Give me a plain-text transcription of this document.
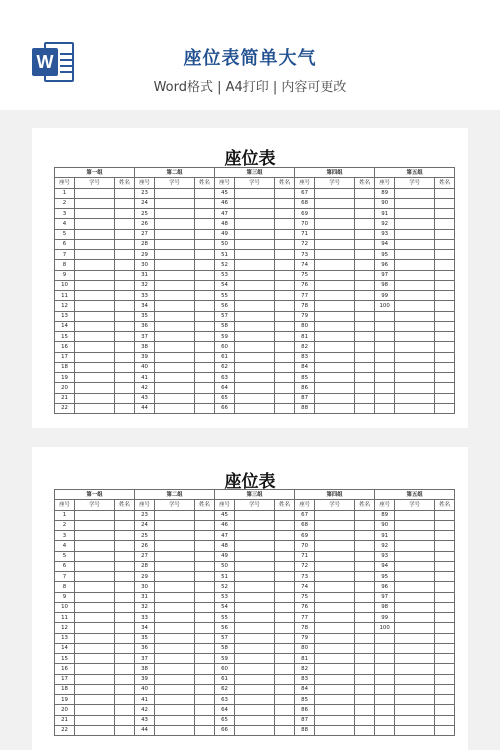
W	座位表简单大气
Word格式 | A4打印 | 内容可更改
座位表
第一组			第二组			第三组			第四组			第五组		
座号	学号	姓名	座号	学号	姓名	座号	学号	姓名	座号	学号	姓名	座号	学号	姓名
1			23			45			67			89		
2			24			46			68			90		
3			25			47			69			91		
4			26			48			70			92		
5			27			49			71			93		
6			28			50			72			94		
7			29			51			73			95		
8			30			52			74			96		
9			31			53			75			97		
10			32			54			76			98		
11			33			55			77			99		
12			34			56			78			100		
13			35			57			79					
14			36			58			80					
15			37			59			81					
16			38			60			82					
17			39			61			83					
18			40			62			84					
19			41			63			85					
20			42			64			86					
21			43			65			87					
22			44			66			88					
座位表
第一组			第二组			第三组			第四组			第五组		
座号	学号	姓名	座号	学号	姓名	座号	学号	姓名	座号	学号	姓名	座号	学号	姓名
1			23			45			67			89		
2			24			46			68			90		
3			25			47			69			91		
4			26			48			70			92		
5			27			49			71			93		
6			28			50			72			94		
7			29			51			73			95		
8			30			52			74			96		
9			31			53			75			97		
10			32			54			76			98		
11			33			55			77			99		
12			34			56			78			100		
13			35			57			79					
14			36			58			80					
15			37			59			81					
16			38			60			82					
17			39			61			83					
18			40			62			84					
19			41			63			85					
20			42			64			86					
21			43			65			87					
22			44			66			88					
